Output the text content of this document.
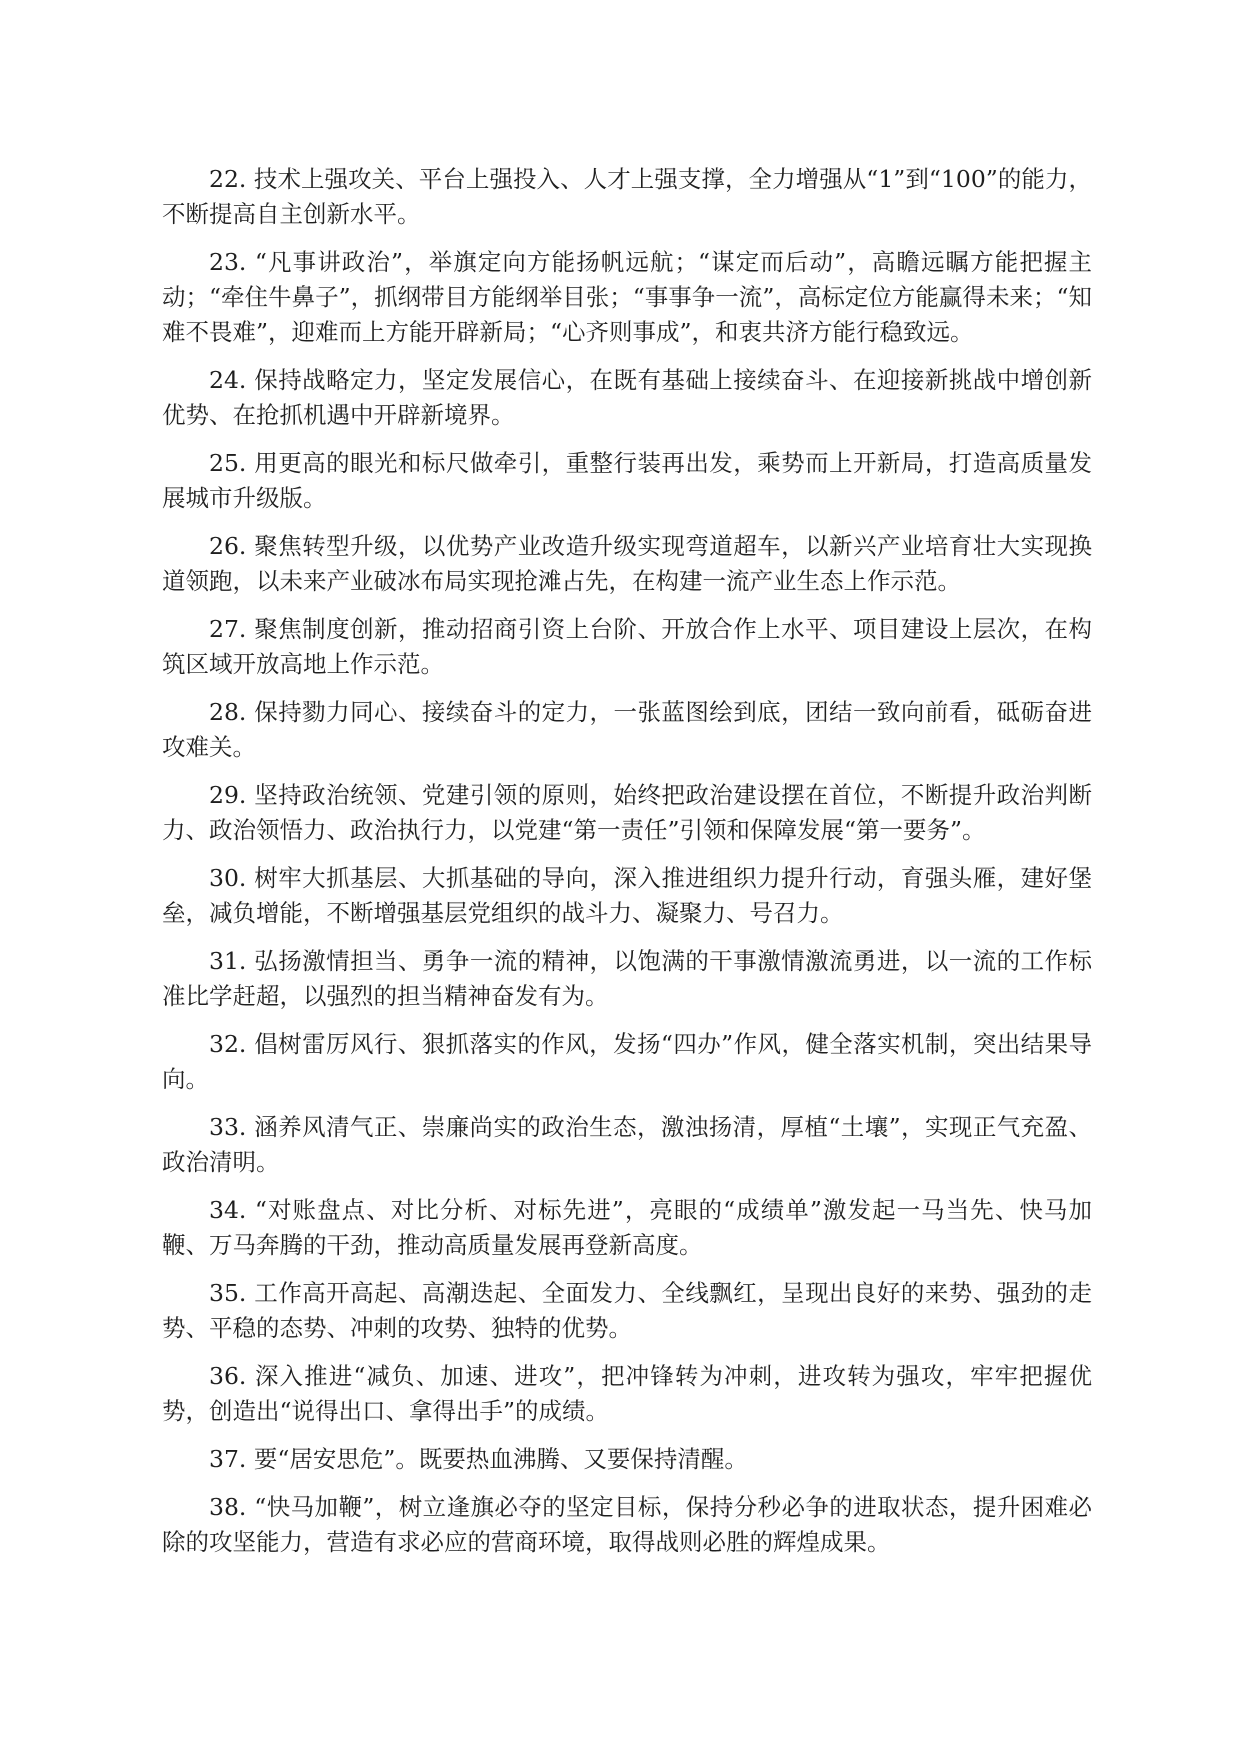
22. 技术上强攻关、平台上强投入、人才上强支撑，全力增强从“1”到“100”的能力，不断提高自主创新水平。

23. “凡事讲政治”，举旗定向方能扬帆远航；“谋定而后动”，高瞻远瞩方能把握主动；“牵住牛鼻子”，抓纲带目方能纲举目张；“事事争一流”，高标定位方能赢得未来；“知难不畏难”，迎难而上方能开辟新局；“心齐则事成”，和衷共济方能行稳致远。

24. 保持战略定力，坚定发展信心，在既有基础上接续奋斗、在迎接新挑战中增创新优势、在抢抓机遇中开辟新境界。

25. 用更高的眼光和标尺做牵引，重整行装再出发，乘势而上开新局，打造高质量发展城市升级版。

26. 聚焦转型升级，以优势产业改造升级实现弯道超车，以新兴产业培育壮大实现换道领跑，以未来产业破冰布局实现抢滩占先，在构建一流产业生态上作示范。

27. 聚焦制度创新，推动招商引资上台阶、开放合作上水平、项目建设上层次，在构筑区域开放高地上作示范。

28. 保持勠力同心、接续奋斗的定力，一张蓝图绘到底，团结一致向前看，砥砺奋进攻难关。

29. 坚持政治统领、党建引领的原则，始终把政治建设摆在首位，不断提升政治判断力、政治领悟力、政治执行力，以党建“第一责任”引领和保障发展“第一要务”。

30. 树牢大抓基层、大抓基础的导向，深入推进组织力提升行动，育强头雁，建好堡垒，减负增能，不断增强基层党组织的战斗力、凝聚力、号召力。

31. 弘扬激情担当、勇争一流的精神，以饱满的干事激情激流勇进，以一流的工作标准比学赶超，以强烈的担当精神奋发有为。

32. 倡树雷厉风行、狠抓落实的作风，发扬“四办”作风，健全落实机制，突出结果导向。

33. 涵养风清气正、崇廉尚实的政治生态，激浊扬清，厚植“土壤”，实现正气充盈、政治清明。

34. “对账盘点、对比分析、对标先进”，亮眼的“成绩单”激发起一马当先、快马加鞭、万马奔腾的干劲，推动高质量发展再登新高度。

35. 工作高开高起、高潮迭起、全面发力、全线飘红，呈现出良好的来势、强劲的走势、平稳的态势、冲刺的攻势、独特的优势。

36. 深入推进“减负、加速、进攻”，把冲锋转为冲刺，进攻转为强攻，牢牢把握优势，创造出“说得出口、拿得出手”的成绩。

37. 要“居安思危”。既要热血沸腾、又要保持清醒。

38. “快马加鞭”，树立逢旗必夺的坚定目标，保持分秒必争的进取状态，提升困难必除的攻坚能力，营造有求必应的营商环境，取得战则必胜的辉煌成果。
